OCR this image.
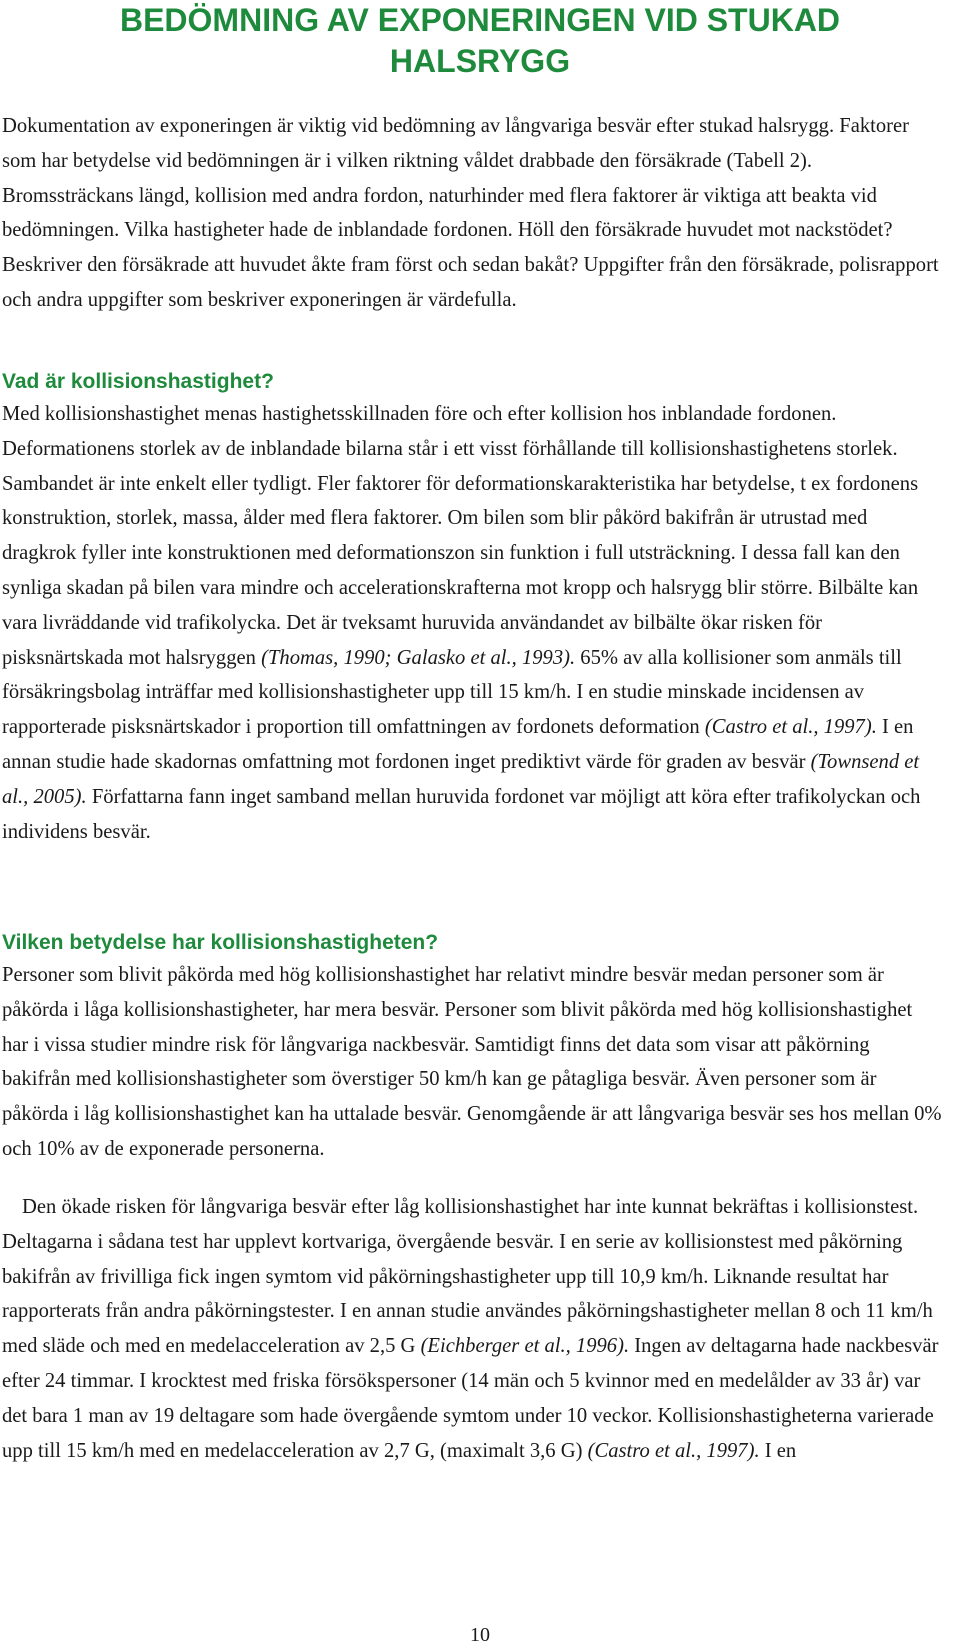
BEDÖMNING AV EXPONERINGEN VID STUKAD
HALSRYGG

Dokumentation av exponeringen är viktig vid bedömning av långvariga besvär efter stukad halsrygg. Faktorer som har betydelse vid bedömningen är i vilken riktning våldet drabbade den försäkrade (Tabell 2). Bromssträckans längd, kollision med andra fordon, naturhinder med flera faktorer är viktiga att beakta vid bedömningen. Vilka hastigheter hade de inblandade fordonen. Höll den försäkrade huvudet mot nackstödet? Beskriver den försäkrade att huvudet åkte fram först och sedan bakåt? Uppgifter från den försäkrade, polisrapport och andra uppgifter som beskriver exponeringen är värdefulla.

Vad är kollisionshastighet?

Med kollisionshastighet menas hastighetsskillnaden före och efter kollision hos inblandade fordonen. Deformationens storlek av de inblandade bilarna står i ett visst förhållande till kollisionshastighetens storlek. Sambandet är inte enkelt eller tydligt. Fler faktorer för deformationskarakteristika har betydelse, t ex fordonens konstruktion, storlek, massa, ålder med flera faktorer. Om bilen som blir påkörd bakifrån är utrustad med dragkrok fyller inte konstruktionen med deformationszon sin funktion i full utsträckning. I dessa fall kan den synliga skadan på bilen vara mindre och accelerationskrafterna mot kropp och halsrygg blir större. Bilbälte kan vara livräddande vid trafikolycka. Det är tveksamt huruvida användandet av bilbälte ökar risken för pisksnärtskada mot halsryggen (Thomas, 1990; Galasko et al., 1993). 65% av alla kollisioner som anmäls till försäkringsbolag inträffar med kollisionshastigheter upp till 15 km/h. I en studie minskade incidensen av rapporterade pisksnärtskador i proportion till omfattningen av fordonets deformation (Castro et al., 1997). I en annan studie hade skadornas omfattning mot fordonen inget prediktivt värde för graden av besvär (Townsend et al., 2005). Författarna fann inget samband mellan huruvida fordonet var möjligt att köra efter trafikolyckan och individens besvär.

Vilken betydelse har kollisionshastigheten?

Personer som blivit påkörda med hög kollisionshastighet har relativt mindre besvär medan personer som är påkörda i låga kollisionshastigheter, har mera besvär. Personer som blivit påkörda med hög kollisionshastighet har i vissa studier mindre risk för långvariga nackbesvär. Samtidigt finns det data som visar att påkörning bakifrån med kollisionshastigheter som överstiger 50 km/h kan ge påtagliga besvär. Även personer som är påkörda i låg kollisionshastighet kan ha uttalade besvär. Genomgående är att långvariga besvär ses hos mellan 0% och 10% av de exponerade personerna.

Den ökade risken för långvariga besvär efter låg kollisionshastighet har inte kunnat bekräftas i kollisionstest. Deltagarna i sådana test har upplevt kortvariga, övergående besvär. I en serie av kollisionstest med påkörning bakifrån av frivilliga fick ingen symtom vid påkörningshastigheter upp till 10,9 km/h. Liknande resultat har rapporterats från andra påkörningstester. I en annan studie användes påkörningshastigheter mellan 8 och 11 km/h med släde och med en medelacceleration av 2,5 G (Eichberger et al., 1996). Ingen av deltagarna hade nackbesvär efter 24 timmar. I krocktest med friska försökspersoner (14 män och 5 kvinnor med en medelålder av 33 år) var det bara 1 man av 19 deltagare som hade övergående symtom under 10 veckor. Kollisionshastigheterna varierade upp till 15 km/h med en medelacceleration av 2,7 G, (maximalt 3,6 G) (Castro et al., 1997). I en

10
